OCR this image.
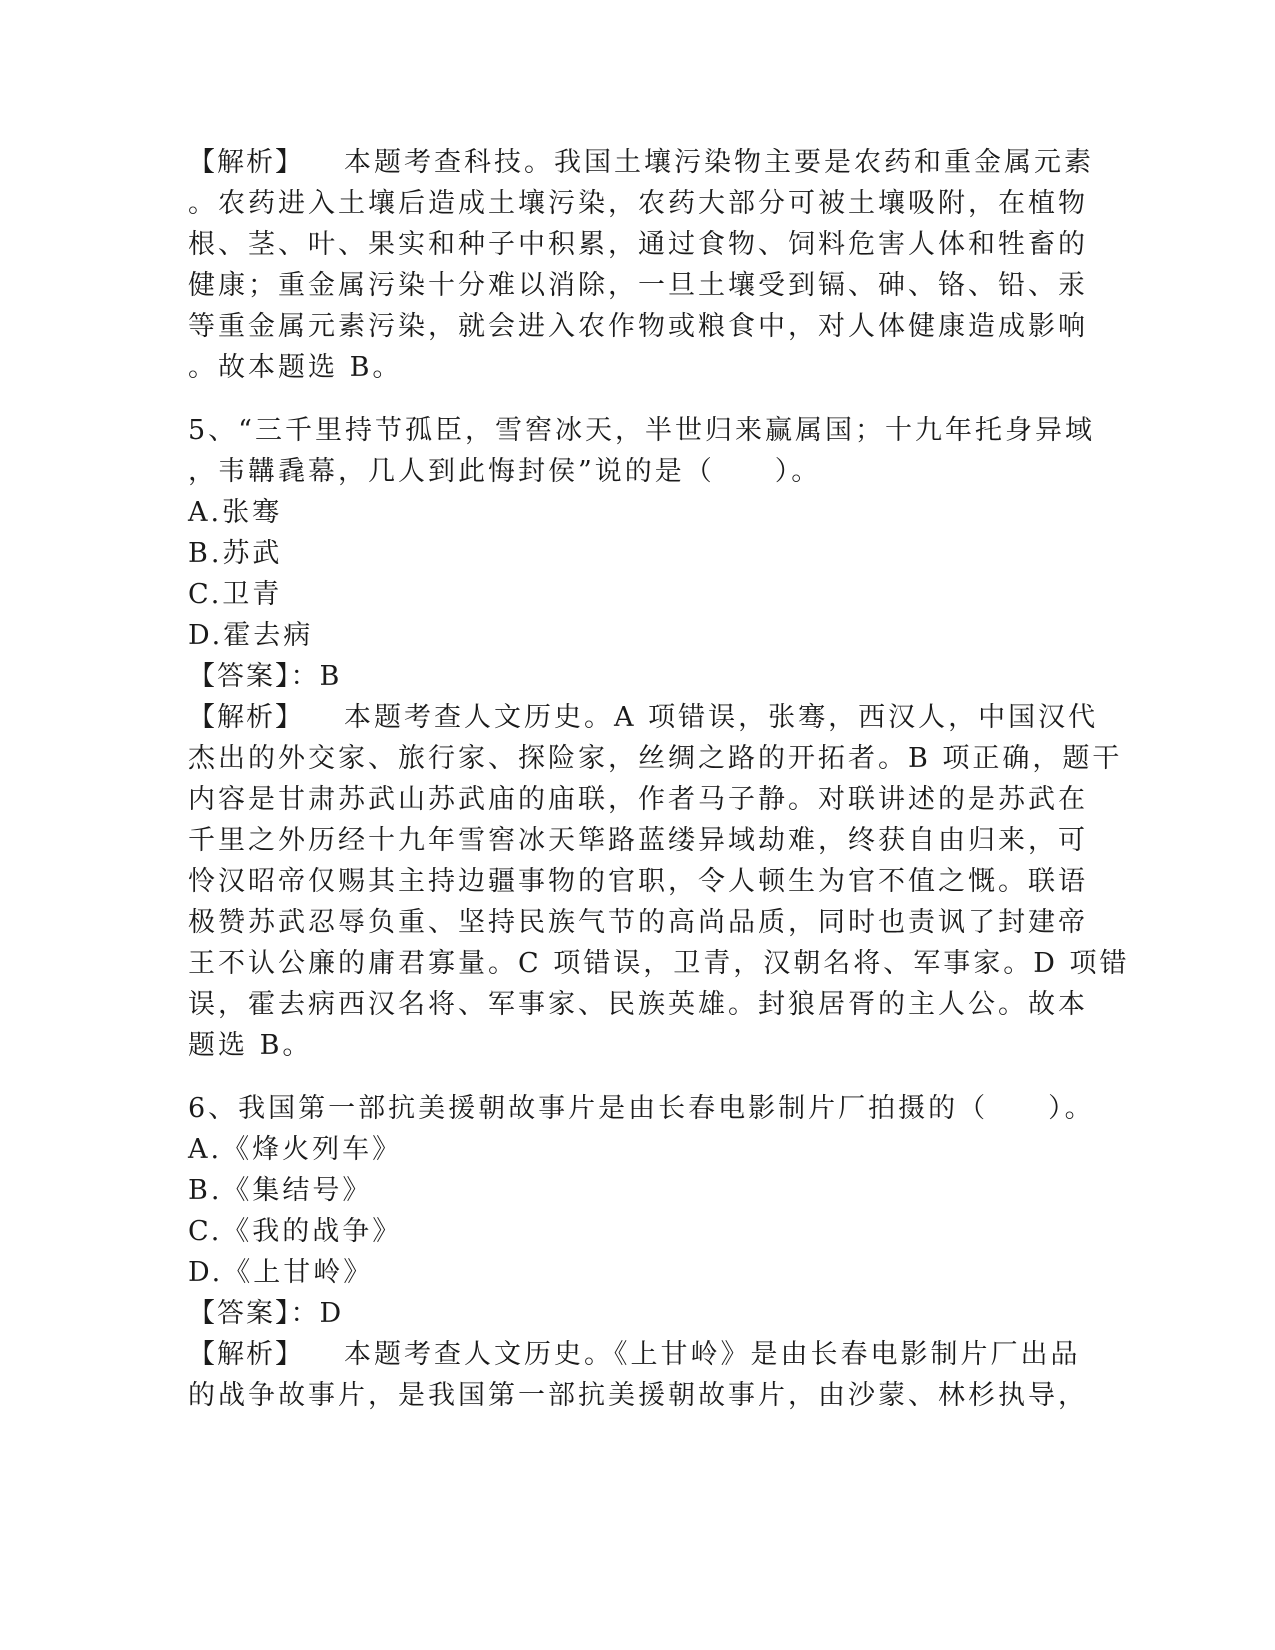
【解析】 本题考查科技。我国土壤污染物主要是农药和重金属元素
。农药进入土壤后造成土壤污染，农药大部分可被土壤吸附，在植物
根、茎、叶、果实和种子中积累，通过食物、饲料危害人体和牲畜的
健康；重金属污染十分难以消除，一旦土壤受到镉、砷、铬、铅、汞
等重金属元素污染，就会进入农作物或粮食中，对人体健康造成影响
。故本题选 B。
5、“三千里持节孤臣，雪窖冰天，半世归来赢属国；十九年托身异域
，韦韝毳幕，几人到此悔封侯”说的是（　　）。
A.张骞
B.苏武
C.卫青
D.霍去病
【答案】：B
【解析】 本题考查人文历史。A 项错误，张骞，西汉人，中国汉代
杰出的外交家、旅行家、探险家，丝绸之路的开拓者。B 项正确，题干
内容是甘肃苏武山苏武庙的庙联，作者马子静。对联讲述的是苏武在
千里之外历经十九年雪窖冰天筚路蓝缕异域劫难，终获自由归来，可
怜汉昭帝仅赐其主持边疆事物的官职，令人顿生为官不值之慨。联语
极赞苏武忍辱负重、坚持民族气节的高尚品质，同时也责讽了封建帝
王不认公廉的庸君寡量。C 项错误，卫青，汉朝名将、军事家。D 项错
误，霍去病西汉名将、军事家、民族英雄。封狼居胥的主人公。故本
题选 B。
6、我国第一部抗美援朝故事片是由长春电影制片厂拍摄的（　　）。
A.《烽火列车》
B.《集结号》
C.《我的战争》
D.《上甘岭》
【答案】：D
【解析】 本题考查人文历史。《上甘岭》是由长春电影制片厂出品
的战争故事片，是我国第一部抗美援朝故事片，由沙蒙、林杉执导，
